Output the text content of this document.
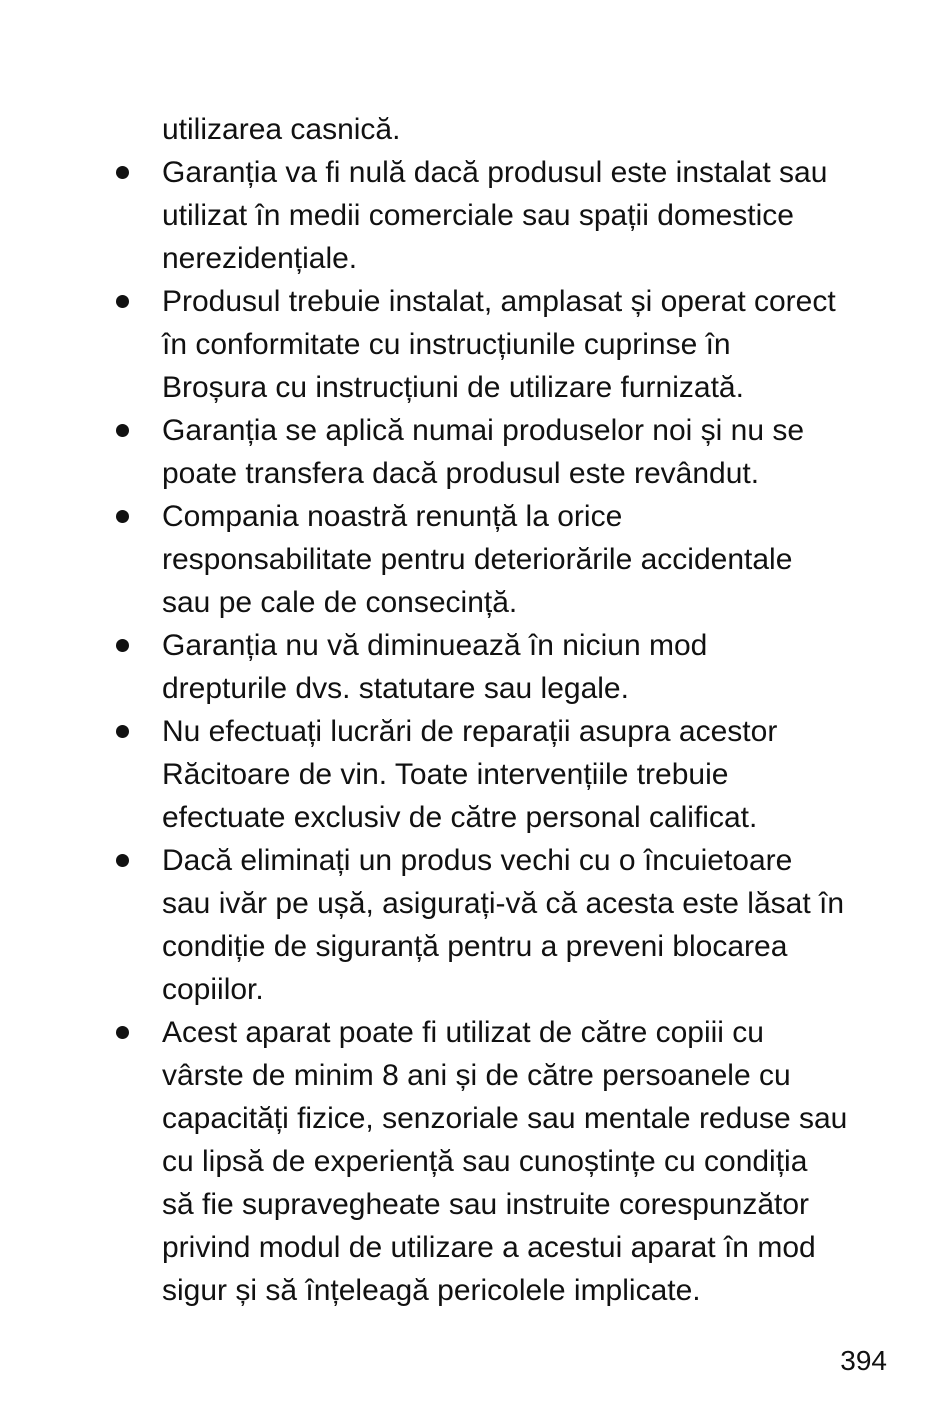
utilizarea casnică.
Garanția va fi nulă dacă produsul este instalat sau
utilizat în medii comerciale sau spații domestice
nerezidențiale.
Produsul trebuie instalat, amplasat și operat corect
în conformitate cu instrucțiunile cuprinse în
Broșura cu instrucțiuni de utilizare furnizată.
Garanția se aplică numai produselor noi și nu se
poate transfera dacă produsul este revândut.
Compania noastră renunță la orice
responsabilitate pentru deteriorările accidentale
sau pe cale de consecință.
Garanția nu vă diminuează în niciun mod
drepturile dvs. statutare sau legale.
Nu efectuați lucrări de reparații asupra acestor
Răcitoare de vin. Toate intervențiile trebuie
efectuate exclusiv de către personal calificat.
Dacă eliminați un produs vechi cu o încuietoare
sau ivăr pe ușă, asigurați-vă că acesta este lăsat în
condiție de siguranță pentru a preveni blocarea
copiilor.
Acest aparat poate fi utilizat de către copiii cu
vârste de minim 8 ani și de către persoanele cu
capacități fizice, senzoriale sau mentale reduse sau
cu lipsă de experiență sau cunoștințe cu condiția
să fie supravegheate sau instruite corespunzător
privind modul de utilizare a acestui aparat în mod
sigur și să înțeleagă pericolele implicate.
394
